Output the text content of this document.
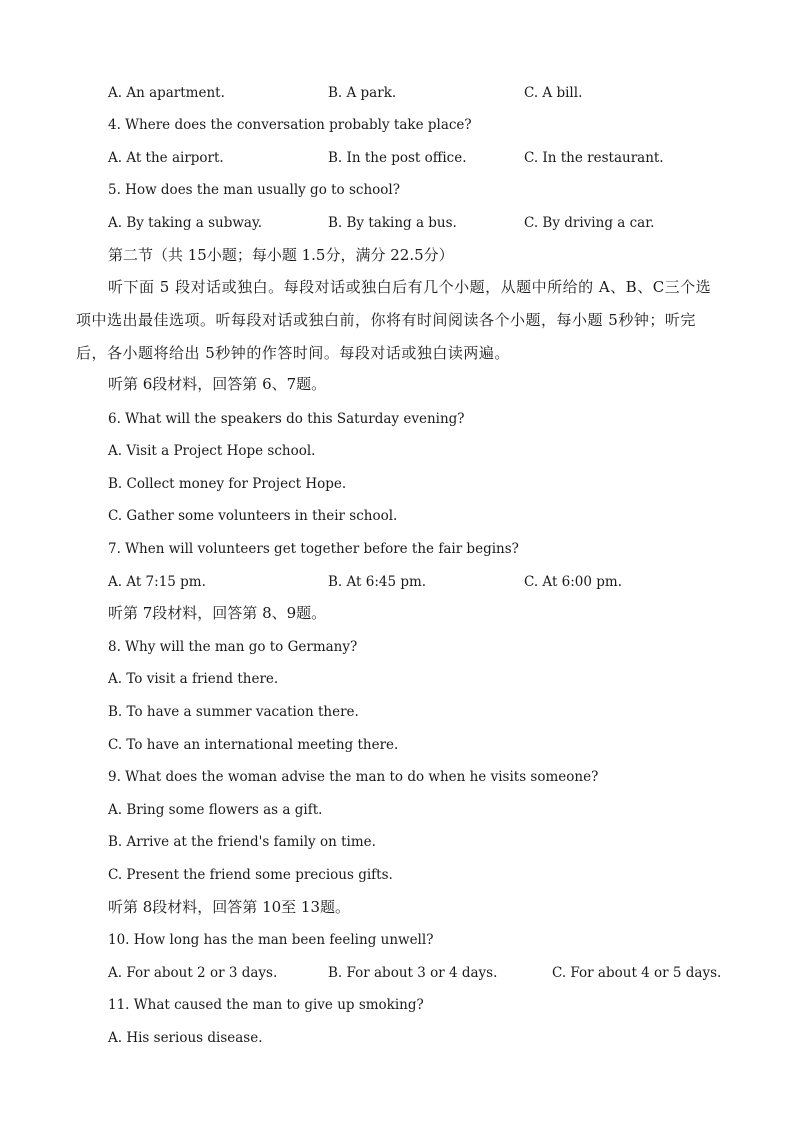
A. An apartment.	B. A park.	C. A bill.
4. Where does the conversation probably take place?
A. At the airport.	B. In the post office.	C. In the restaurant.
5. How does the man usually go to school?
A. By taking a subway.	B. By taking a bus.	C. By driving a car.
第二节（共 15小题；每小题 1.5分，满分 22.5分）
听下面 5 段对话或独白。每段对话或独白后有几个小题，从题中所给的 A、B、C三个选项中选出最佳选项。听每段对话或独白前，你将有时间阅读各个小题，每小题 5秒钟；听完后，各小题将给出 5秒钟的作答时间。每段对话或独白读两遍。
听第 6段材料，回答第 6、7题。
6. What will the speakers do this Saturday evening?
A. Visit a Project Hope school.
B. Collect money for Project Hope.
C. Gather some volunteers in their school.
7. When will volunteers get together before the fair begins?
A. At 7:15 pm.	B. At 6:45 pm.	C. At 6:00 pm.
听第 7段材料，回答第 8、9题。
8. Why will the man go to Germany?
A. To visit a friend there.
B. To have a summer vacation there.
C. To have an international meeting there.
9. What does the woman advise the man to do when he visits someone?
A. Bring some flowers as a gift.
B. Arrive at the friend's family on time.
C. Present the friend some precious gifts.
听第 8段材料，回答第 10至 13题。
10. How long has the man been feeling unwell?
A. For about 2 or 3 days.	B. For about 3 or 4 days.	C. For about 4 or 5 days.
11. What caused the man to give up smoking?
A. His serious disease.
